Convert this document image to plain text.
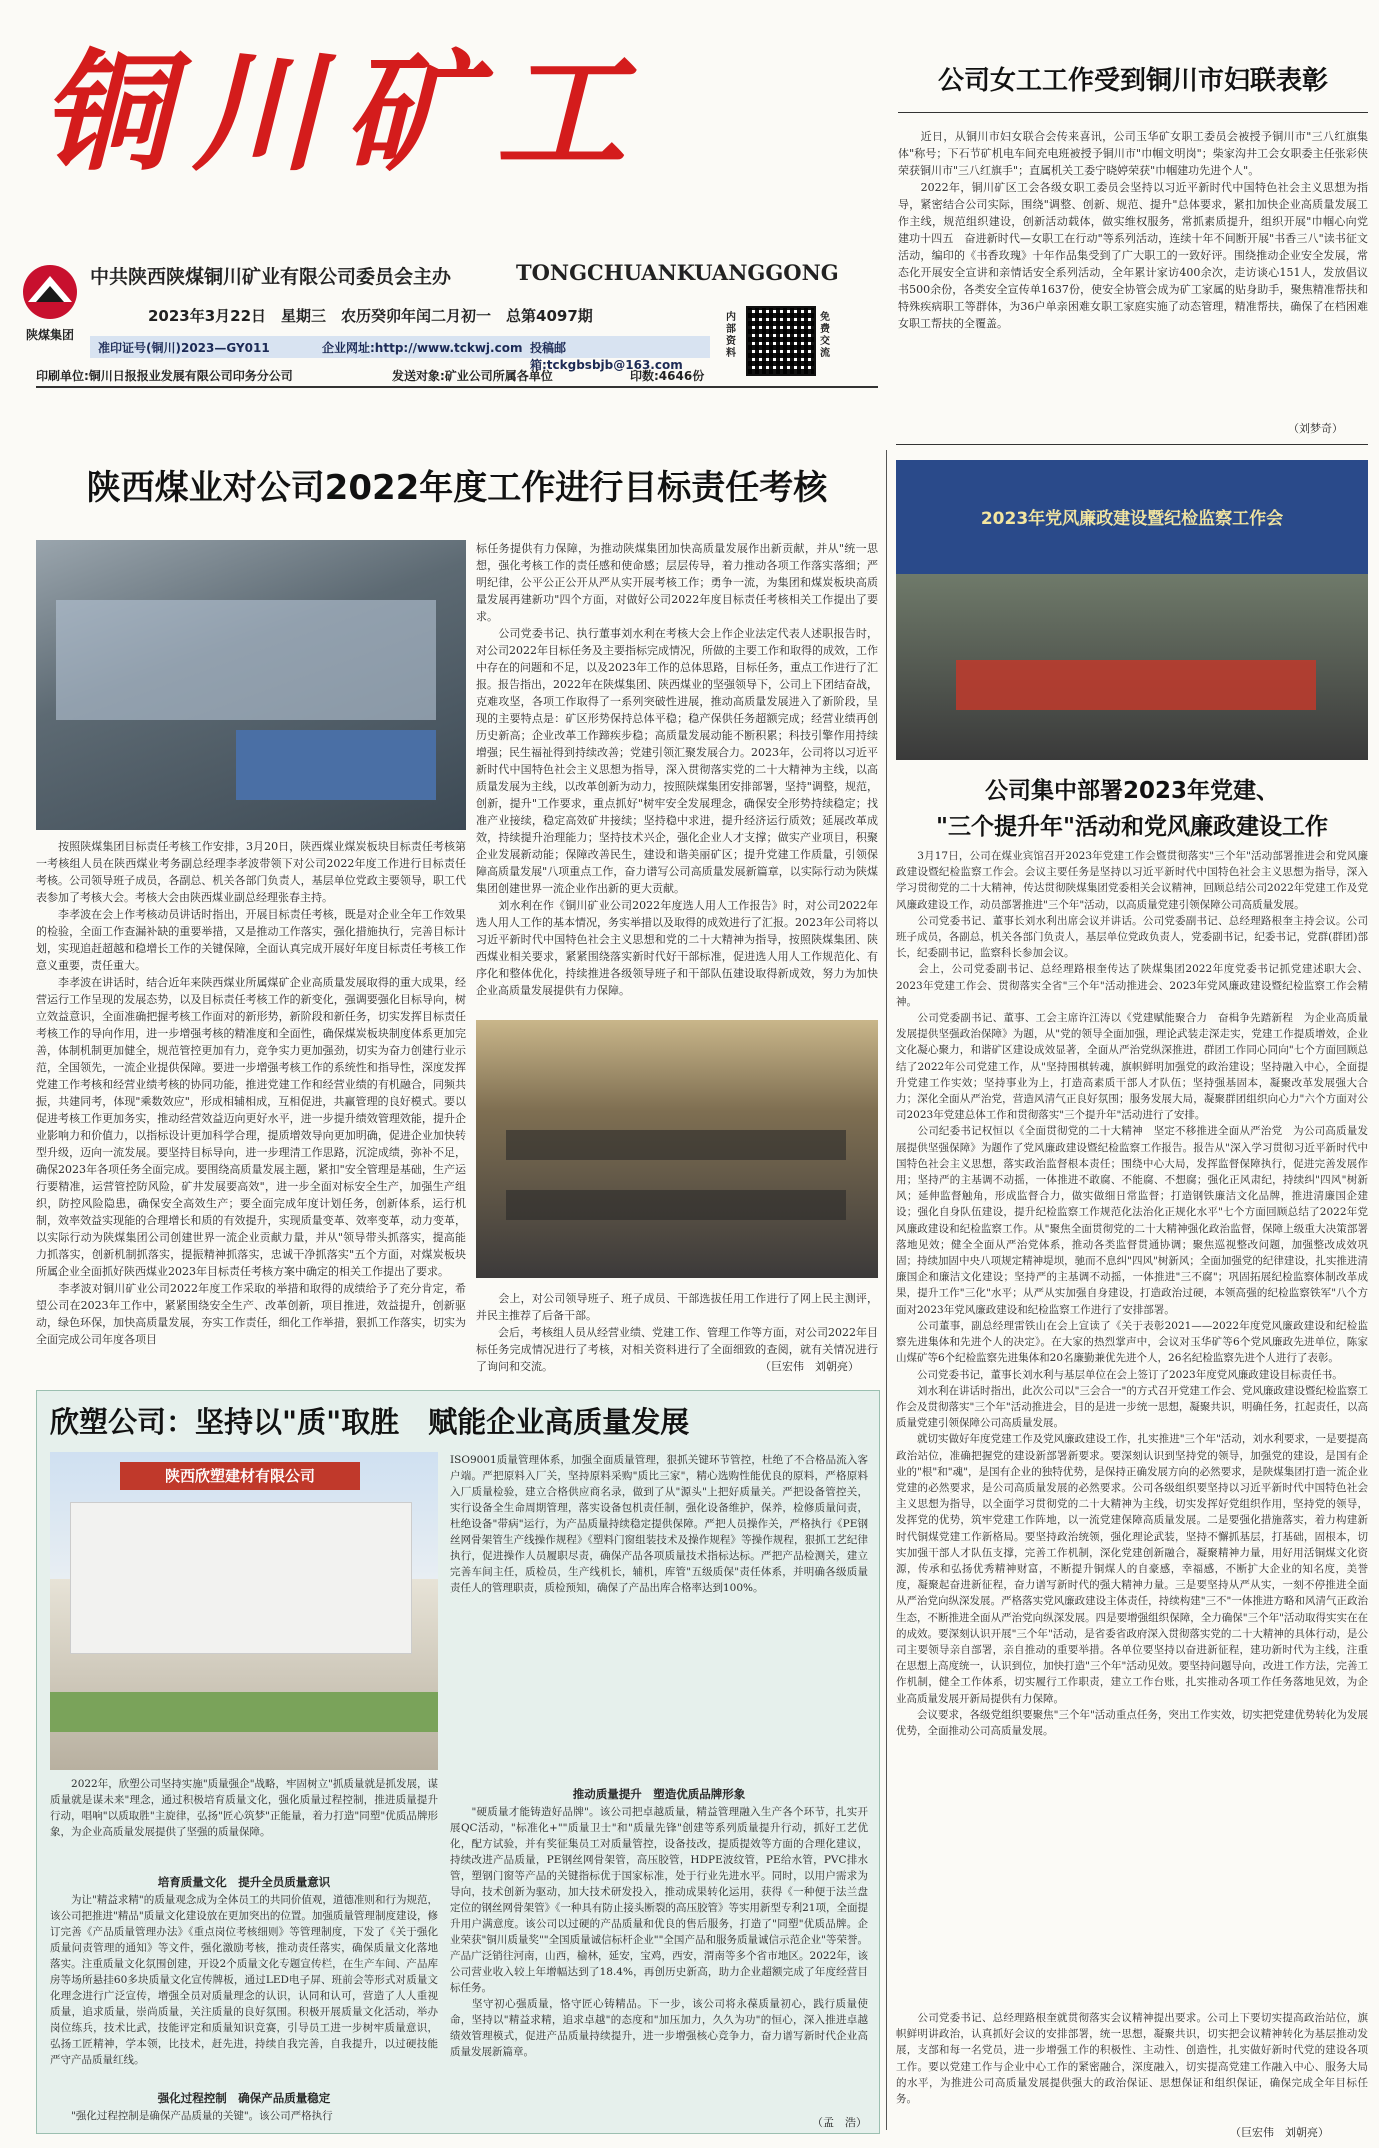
铜川矿工
陕煤集团
中共陕西陕煤铜川矿业有限公司委员会主办	TONGCHUANKUANGGONG
2023年3月22日　星期三　农历癸卯年闰二月初一　总第4097期
准印证号(铜川)2023—GY011	企业网址:http://www.tckwj.com 投稿邮箱:tckgbsbjb@163.com
内部资料
免费交流
印刷单位:铜川日报报业发展有限公司印务分公司	发送对象:矿业公司所属各单位	印数:4646份
公司女工工作受到铜川市妇联表彰
　　近日，从铜川市妇女联合会传来喜讯，公司玉华矿女职工委员会被授予铜川市"三八红旗集体"称号；下石节矿机电车间充电班被授予铜川市"巾帼文明岗"；柴家沟井工会女职委主任张彩侠荣获铜川市"三八红旗手"；直属机关工委宁晓婷荣获"巾帼建功先进个人"。
　　2022年，铜川矿区工会各级女职工委员会坚持以习近平新时代中国特色社会主义思想为指导，紧密结合公司实际，围绕"调整、创新、规范、提升"总体要求，紧扣加快企业高质量发展工作主线，规范组织建设，创新活动载体，做实维权服务，常抓素质提升，组织开展"巾帼心向党　建功十四五　奋进新时代—女职工在行动"等系列活动，连续十年不间断开展"书香三八"读书征文活动，编印的《书香玫瑰》十年作品集受到了广大职工的一致好评。围绕推动企业安全发展，常态化开展安全宣讲和亲情话安全系列活动，全年累计家访400余次，走访谈心151人，发放倡议书500余份，各类安全宣传单1637份，使安全协管会成为矿工家属的贴身助手，聚焦精准帮扶和特殊疾病职工等群体，为36户单亲困难女职工家庭实施了动态管理，精准帮扶，确保了在档困难女职工帮扶的全覆盖。
（刘梦奇）
陕西煤业对公司2022年度工作进行目标责任考核
　　按照陕煤集团目标责任考核工作安排，3月20日，陕西煤业煤炭板块目标责任考核第一考核组人员在陕西煤业考务副总经理李孝波带领下对公司2022年度工作进行目标责任考核。公司领导班子成员，各副总、机关各部门负责人，基层单位党政主要领导，职工代表参加了考核大会。考核大会由陕西煤业副总经理张春主持。
　　李孝波在会上作考核动员讲话时指出，开展目标责任考核，既是对企业全年工作效果的检验，全面工作查漏补缺的重要举措，又是推动工作落实，强化措施执行，完善目标计划，实现追赶超越和稳增长工作的关键保障，全面认真完成开展好年度目标责任考核工作意义重要，责任重大。
　　李孝波在讲话时，结合近年来陕西煤业所属煤矿企业高质量发展取得的重大成果，经营运行工作呈现的发展态势，以及目标责任考核工作的新变化，强调要强化目标导向，树立效益意识，全面准确把握考核工作面对的新形势，新阶段和新任务，切实发挥目标责任考核工作的导向作用，进一步增强考核的精准度和全面性，确保煤炭板块制度体系更加完善，体制机制更加健全，规范管控更加有力，竞争实力更加强劲，切实为奋力创建行业示范，全国领先，一流企业提供保障。要进一步增强考核工作的系统性和指导性，深度发挥党建工作考核和经营业绩考核的协同功能，推进党建工作和经营业绩的有机融合，同频共振，共建同考，体现"乘数效应"，形成相辅相成，互相促进，共赢管理的良好模式。要以促进考核工作更加务实，推动经营效益迈向更好水平，进一步提升绩效管理效能，提升企业影响力和价值力，以指标设计更加科学合理，提质增效导向更加明确，促进企业加快转型升级，迈向一流发展。要坚持目标导向，进一步理清工作思路，沉淀成绩，弥补不足，确保2023年各项任务全面完成。要围绕高质量发展主题，紧扣"安全管理是基础，生产运行要精准，运营管控防风险，矿井发展要高效"，进一步全面对标安全生产，加强生产组织，防控风险隐患，确保安全高效生产；要全面完成年度计划任务，创新体系，运行机制，效率效益实现能的合理增长和质的有效提升，实现质量变革、效率变革，动力变革，以实际行动为陕煤集团公司创建世界一流企业贡献力量，并从"领导带头抓落实，提高能力抓落实，创新机制抓落实，提振精神抓落实，忠诚干净抓落实"五个方面，对煤炭板块所属企业全面抓好陕西煤业2023年目标责任考核方案中确定的相关工作提出了要求。
　　李孝波对铜川矿业公司2022年度工作采取的举措和取得的成绩给予了充分肯定，希望公司在2023年工作中，紧紧围绕安全生产、改革创新，项目推进，效益提升，创新驱动，绿色环保，加快高质量发展，夯实工作责任，细化工作举措，狠抓工作落实，切实为全面完成公司年度各项目
标任务提供有力保障，为推动陕煤集团加快高质量发展作出新贡献，并从"统一思想，强化考核工作的责任感和使命感；层层传导，着力推动各项工作落实落细；严明纪律，公平公正公开从严从实开展考核工作；勇争一流，为集团和煤炭板块高质量发展再建新功"四个方面，对做好公司2022年度目标责任考核相关工作提出了要求。
　　公司党委书记、执行董事刘水利在考核大会上作企业法定代表人述职报告时，对公司2022年目标任务及主要指标完成情况，所做的主要工作和取得的成效，工作中存在的问题和不足，以及2023年工作的总体思路，目标任务，重点工作进行了汇报。报告指出，2022年在陕煤集团、陕西煤业的坚强领导下，公司上下团结奋战，克难攻坚，各项工作取得了一系列突破性进展，推动高质量发展进入了新阶段，呈现的主要特点是：矿区形势保持总体平稳；稳产保供任务超额完成；经营业绩再创历史新高；企业改革工作蹄疾步稳；高质量发展动能不断积累；科技引擎作用持续增强；民生福祉得到持续改善；党建引领汇聚发展合力。2023年，公司将以习近平新时代中国特色社会主义思想为指导，深入贯彻落实党的二十大精神为主线，以高质量发展为主线，以改革创新为动力，按照陕煤集团安排部署，坚持"调整，规范，创新，提升"工作要求，重点抓好"树牢安全发展理念，确保安全形势持续稳定；找准产业接续，稳定高效矿井接续；坚持稳中求进，提升经济运行质效；延展改革成效，持续提升治理能力；坚持技术兴企，强化企业人才支撑；做实产业项目，积聚企业发展新动能；保障改善民生，建设和谐美丽矿区；提升党建工作质量，引领保障高质量发展"八项重点工作，奋力谱写公司高质量发展新篇章，以实际行动为陕煤集团创建世界一流企业作出新的更大贡献。
　　刘水利在作《铜川矿业公司2022年度选人用人工作报告》时，对公司2022年选人用人工作的基本情况，务实举措以及取得的成效进行了汇报。2023年公司将以习近平新时代中国特色社会主义思想和党的二十大精神为指导，按照陕煤集团、陕西煤业相关要求，紧紧围绕落实新时代好干部标准，促进选人用人工作规范化、有序化和整体优化，持续推进各级领导班子和干部队伍建设取得新成效，努力为加快企业高质量发展提供有力保障。
　　会上，对公司领导班子、班子成员、干部选拔任用工作进行了网上民主测评，并民主推荐了后备干部。
　　会后，考核组人员从经营业绩、党建工作、管理工作等方面，对公司2022年目标任务完成情况进行了考核，对相关资料进行了全面细致的查阅，就有关情况进行了询问和交流。	（巨宏伟　刘朝亮）
2023年党风廉政建设暨纪检监察工作会
公司集中部署2023年党建、
"三个提升年"活动和党风廉政建设工作
　　3月17日，公司在煤业宾馆召开2023年党建工作会暨贯彻落实"三个年"活动部署推进会和党风廉政建设暨纪检监察工作会。会议主要任务是坚持以习近平新时代中国特色社会主义思想为指导，深入学习贯彻党的二十大精神，传达贯彻陕煤集团党委相关会议精神，回顾总结公司2022年党建工作及党风廉政建设工作，动员部署推进"三个年"活动，以高质量党建引领保障公司高质量发展。
　　公司党委书记、董事长刘水利出席会议并讲话。公司党委副书记、总经理路根奎主持会议。公司班子成员，各副总，机关各部门负责人，基层单位党政负责人，党委副书记，纪委书记，党群(群团)部长，纪委副书记，监察科长参加会议。
　　会上，公司党委副书记、总经理路根奎传达了陕煤集团2022年度党委书记抓党建述职大会、2023年党建工作会、贯彻落实全省"三个年"活动推进会、2023年党风廉政建设暨纪检监察工作会精神。
　　公司党委副书记、董事、工会主席许江涛以《党建赋能聚合力　奋楫争先踏新程　为企业高质量发展提供坚强政治保障》为题，从"党的领导全面加强，理论武装走深走实，党建工作提质增效，企业文化凝心聚力，和谐矿区建设成效显著，全面从严治党纵深推进，群团工作同心同向"七个方面回顾总结了2022年公司党建工作，从"坚持围棋转魂，旗帜鲜明加强党的政治建设；坚持融入中心，全面提升党建工作实效；坚持事业为上，打造高素质干部人才队伍；坚持强基固本，凝聚改革发展强大合力；深化全面从严治党，营造风清气正良好氛围；服务发展大局，凝聚群团组织向心力"六个方面对公司2023年党建总体工作和贯彻落实"三个提升年"活动进行了安排。
　　公司纪委书记权恒以《全面贯彻党的二十大精神　坚定不移推进全面从严治党　为公司高质量发展提供坚强保障》为题作了党风廉政建设暨纪检监察工作报告。报告从"深入学习贯彻习近平新时代中国特色社会主义思想，落实政治监督根本责任；围绕中心大局，发挥监督保障执行，促进完善发展作用；坚持严的主基调不动摇，一体推进不敢腐、不能腐、不想腐；强化正风肃纪，持续纠"四风"树新风；延伸监督触角，形成监督合力，做实做细日常监督；打造钢铁廉洁文化品牌，推进清廉国企建设；强化自身队伍建设，提升纪检监察工作规范化法治化正规化水平"七个方面回顾总结了2022年党风廉政建设和纪检监察工作。从"聚焦全面贯彻党的二十大精神强化政治监督，保障上级重大决策部署落地见效；健全全面从严治党体系，推动各类监督贯通协调；聚焦巡视整改问题，加强整改成效巩固；持续加固中央八项规定精神堤坝，驰而不息纠"四风"树新风；全面加强党的纪律建设，扎实推进清廉国企和廉洁文化建设；坚持严的主基调不动摇，一体推进"三不腐"；巩固拓展纪检监察体制改革成果，提升工作"三化"水平；从严从实加强自身建设，打造政治过硬，本领高强的纪检监察铁军"八个方面对2023年党风廉政建设和纪检监察工作进行了安排部署。
　　公司董事，副总经理雷铁山在会上宣读了《关于表彰2021——2022年度党风廉政建设和纪检监察先进集体和先进个人的决定》。在大家的热烈掌声中，会议对玉华矿等6个党风廉政先进单位，陈家山煤矿等6个纪检监察先进集体和20名廉勤兼优先进个人，26名纪检监察先进个人进行了表彰。
　　公司党委书记，董事长刘水利与基层单位在会上签订了2023年度党风廉政建设目标责任书。
　　刘水利在讲话时指出，此次公司以"三会合一"的方式召开党建工作会、党风廉政建设暨纪检监察工作会及贯彻落实"三个年"活动推进会，目的是进一步统一思想，凝聚共识，明确任务，扛起责任，以高质量党建引领保障公司高质量发展。
　　就切实做好年度党建工作及党风廉政建设工作，扎实推进"三个年"活动，刘水利要求，一是要提高政治站位，准确把握党的建设新部署新要求。要深刻认识到坚持党的领导，加强党的建设，是国有企业的"根"和"魂"，是国有企业的独特优势，是保持正确发展方向的必然要求，是陕煤集团打造一流企业党建的必然要求，是公司高质量发展的必然要求。公司各级组织要坚持以习近平新时代中国特色社会主义思想为指导，以全面学习贯彻党的二十大精神为主线，切实发挥好党组织作用，坚持党的领导，发挥党的优势，筑牢党建工作阵地，以一流党建保障高质量发展。二是要强化措施落实，着力构建新时代铜煤党建工作新格局。要坚持政治统领，强化理论武装，坚持不懈抓基层，打基础，固根本，切实加强干部人才队伍支撑，完善工作机制，深化党建创新融合，凝聚精神力量，用好用活铜煤文化资源，传承和弘扬优秀精神财富，不断提升铜煤人的自豪感，幸福感，不断扩大企业的知名度，美誉度，凝聚起奋进新征程，奋力谱写新时代的强大精神力量。三是要坚持从严从实，一刻不停推进全面从严治党向纵深发展。严格落实党风廉政建设主体责任，持续构建"三不"一体推进方略和风清气正政治生态，不断推进全面从严治党向纵深发展。四是要增强组织保障，全力确保"三个年"活动取得实实在在的成效。要深刻认识开展"三个年"活动，是省委省政府深入贯彻落实党的二十大精神的具体行动，是公司主要领导亲自部署，亲自推动的重要举措。各单位要坚持以奋进新征程，建功新时代为主线，注重在思想上高度统一，认识到位，加快打造"三个年"活动见效。要坚持问题导向，改进工作方法，完善工作机制，健全工作体系，切实履行工作职责，建立工作台账，扎实推动各项工作任务落地见效，为企业高质量发展开新局提供有力保障。
　　会议要求，各级党组织要聚焦"三个年"活动重点任务，突出工作实效，切实把党建优势转化为发展优势，全面推动公司高质量发展。
　　公司党委书记、总经理路根奎就贯彻落实会议精神提出要求。公司上下要切实提高政治站位，旗帜鲜明讲政治，认真抓好会议的安排部署，统一思想，凝聚共识，切实把会议精神转化为基层推动发展，支部和每一名党员，进一步增强工作的积极性、主动性、创造性，扎实做好新时代党的建设各项工作。要以党建工作与企业中心工作的紧密融合，深度融入，切实提高党建工作融入中心、服务大局的水平，为推进公司高质量发展提供强大的政治保证、思想保证和组织保证，确保完成全年目标任务。
（巨宏伟　刘朝亮）
欣塑公司：坚持以"质"取胜　赋能企业高质量发展
陕西欣塑建材有限公司
　　2022年，欣塑公司坚持实施"质量强企"战略，牢固树立"抓质量就是抓发展，谋质量就是谋未来"理念，通过积极培育质量文化，强化质量过程控制，推进质量提升行动，唱响"以质取胜"主旋律，弘扬"匠心筑梦"正能量，着力打造"同塑"优质品牌形象，为企业高质量发展提供了坚强的质量保障。
培育质量文化　提升全员质量意识
　　为让"精益求精"的质量观念成为全体员工的共同价值观，道德准则和行为规范，该公司把推进"精品"质量文化建设放在更加突出的位置。加强质量管理制度建设，修订完善《产品质量管理办法》《重点岗位考核细则》等管理制度，下发了《关于强化质量问责管理的通知》等文件，强化激励考核，推动责任落实，确保质量文化落地落实。注重质量文化氛围创建，开设2个质量文化专题宣传栏，在生产车间、产品库房等场所悬挂60多块质量文化宣传牌板，通过LED电子屏、班前会等形式对质量文化理念进行广泛宣传，增强全员对质量理念的认识，认同和认可，营造了人人重视质量，追求质量，崇尚质量，关注质量的良好氛围。积极开展质量文化活动，举办岗位练兵，技术比武，技能评定和质量知识竞赛，引导员工进一步树牢质量意识，弘扬工匠精神，学本领，比技术，赶先进，持续自我完善，自我提升，以过硬技能严守产品质量红线。
强化过程控制　确保产品质量稳定
　　"强化过程控制是确保产品质量的关键"。该公司严格执行
ISO9001质量管理体系，加强全面质量管理，狠抓关键环节管控，杜绝了不合格品流入客户端。严把原料入厂关，坚持原料采购"质比三家"，精心选购性能优良的原料，严格原料入厂质量检验，建立合格供应商名录，做到了从"源头"上把好质量关。严把设备管控关，实行设备全生命周期管理，落实设备包机责任制，强化设备维护，保养，检修质量问责，杜绝设备"带病"运行，为产品质量持续稳定提供保障。严把人员操作关，严格执行《PE钢丝网骨架管生产线操作规程》《塑料门窗组装技术及操作规程》等操作规程，狠抓工艺纪律执行，促进操作人员履职尽责，确保产品各项质量技术指标达标。严把产品检测关，建立完善车间主任，质检员，生产线机长，辅机，库管"五级质保"责任体系，并明确各级质量责任人的管理职责，质检预知，确保了产品出库合格率达到100%。
推动质量提升　塑造优质品牌形象
　　"硬质量才能铸造好品牌"。该公司把卓越质量，精益管理融入生产各个环节，扎实开展QC活动，"标准化+""质量卫士"和"质量先锋"创建等系列质量提升行动，抓好工艺优化，配方试验，并有奖征集员工对质量管控，设备技改，提质提效等方面的合理化建议，持续改进产品质量，PE钢丝网骨架管，高压胶管，HDPE波纹管，PE给水管，PVC排水管，塑钢门窗等产品的关键指标优于国家标准，处于行业先进水平。同时，以用户需求为导向，技术创新为驱动，加大技术研发投入，推动成果转化运用，获得《一种便于法兰盘定位的钢丝网骨架管》《一种具有防止接头断裂的高压胶管》等实用新型专利21项，全面提升用户满意度。该公司以过硬的产品质量和优良的售后服务，打造了"同塑"优质品牌。企业荣获"铜川质量奖""全国质量诚信标杆企业""全国产品和服务质量诚信示范企业"等荣誉。产品广泛销往河南，山西，榆林，延安，宝鸡，西安，渭南等多个省市地区。2022年，该公司营业收入较上年增幅达到了18.4%，再创历史新高，助力企业超额完成了年度经营目标任务。
　　坚守初心强质量，恪守匠心铸精品。下一步，该公司将永葆质量初心，践行质量使命，坚持以"精益求精，追求卓越"的态度和"加压加力，久久为功"的恒心，深入推进卓越绩效管理模式，促进产品质量持续提升，进一步增强核心竞争力，奋力谱写新时代企业高质量发展新篇章。
（孟　浩）
